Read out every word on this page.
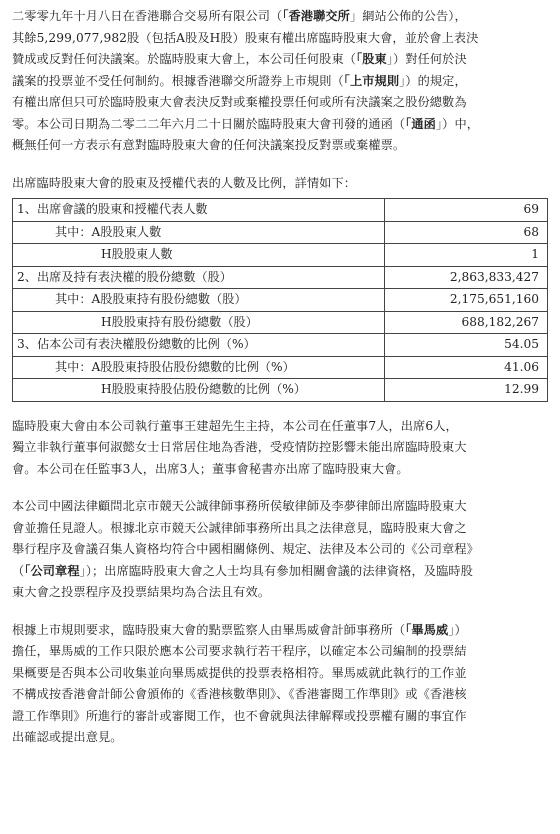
二零零九年十月八日在香港聯合交易所有限公司（「香港聯交所」網站公佈的公告），

其餘5,299,077,982股（包括A股及H股）股東有權出席臨時股東大會，並於會上表決

贊成或反對任何決議案。於臨時股東大會上，本公司任何股東（「股東」）對任何於決

議案的投票並不受任何制約。根據香港聯交所證券上市規則（「上市規則」）的規定，

有權出席但只可於臨時股東大會表決反對或棄權投票任何或所有決議案之股份總數為

零。本公司日期為二零二二年六月二十日關於臨時股東大會刊發的通函（「通函」）中，

概無任何一方表示有意對臨時股東大會的任何決議案投反對票或棄權票。

出席臨時股東大會的股東及授權代表的人數及比例，詳情如下：

1、出席會議的股東和授權代表人數	69
其中：A股股東人數	68
H股股東人數	1
2、出席及持有表決權的股份總數（股）	2,863,833,427
其中：A股股東持有股份總數（股）	2,175,651,160
H股股東持有股份總數（股）	688,182,267
3、佔本公司有表決權股份總數的比例（%）	54.05
其中：A股股東持股佔股份總數的比例（%）	41.06
H股股東持股佔股份總數的比例（%）	12.99

臨時股東大會由本公司執行董事王建超先生主持，本公司在任董事7人，出席6人，

獨立非執行董事何淑懿女士日常居住地為香港，受疫情防控影響未能出席臨時股東大

會。本公司在任監事3人，出席3人；董事會秘書亦出席了臨時股東大會。

本公司中國法律顧問北京市競天公誠律師事務所侯敏律師及李夢律師出席臨時股東大

會並擔任見證人。根據北京市競天公誠律師事務所出具之法律意見，臨時股東大會之

舉行程序及會議召集人資格均符合中國相關條例、規定、法律及本公司的《公司章程》

（「公司章程」）；出席臨時股東大會之人士均具有參加相關會議的法律資格，及臨時股

東大會之投票程序及投票結果均為合法且有效。

根據上市規則要求，臨時股東大會的點票監察人由畢馬威會計師事務所（「畢馬威」）

擔任，畢馬威的工作只限於應本公司要求執行若干程序，以確定本公司編制的投票結

果概要是否與本公司收集並向畢馬威提供的投票表格相符。畢馬威就此執行的工作並

不構成按香港會計師公會頒佈的《香港核數準則》、《香港審閱工作準則》或《香港核

證工作準則》所進行的審計或審閱工作，也不會就與法律解釋或投票權有關的事宜作

出確認或提出意見。
